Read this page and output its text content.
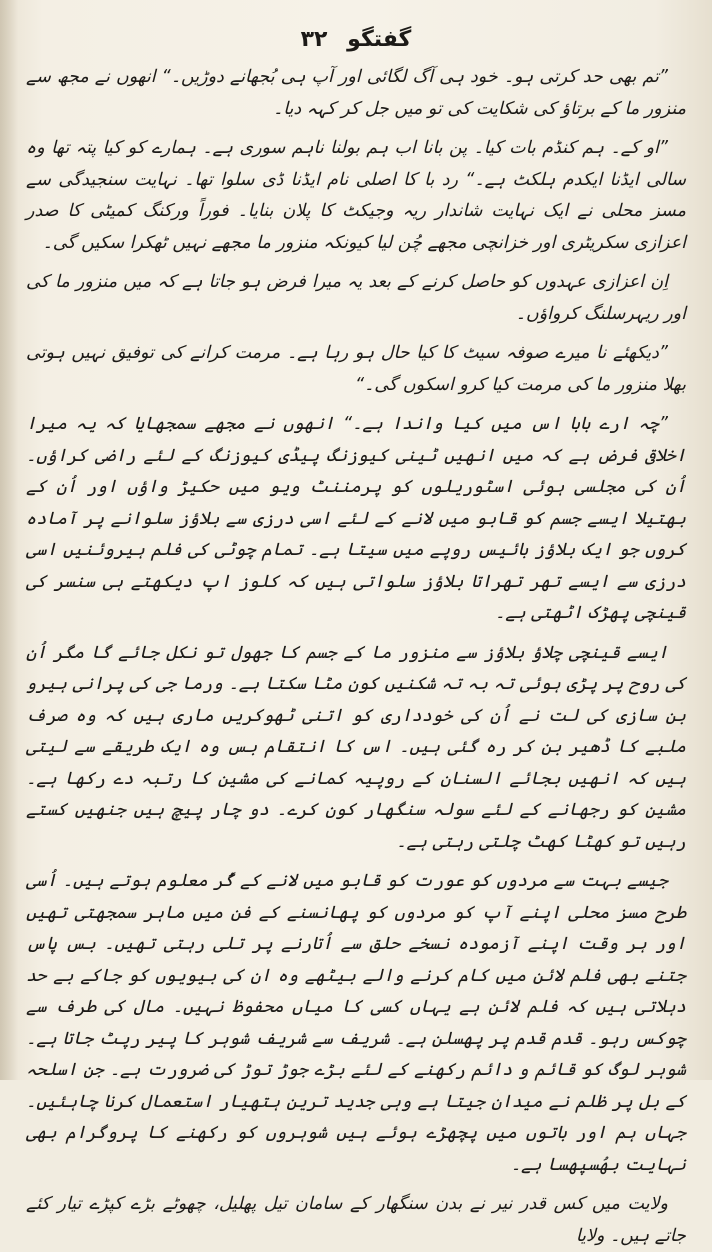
گفتگو ۳۲

”تم بھی حد کرتی ہو۔ خود ہی آگ لگائی اور آپ ہی بُجھانے دوڑیں۔“ انھوں نے مجھ سے منزور ما کے برتاؤ کی شکایت کی تو میں جل کر کہہ دیا۔

”او کے۔ ہم کنڈم بات کیا۔ پن بانا اب ہم بولنا ناہم سوری ہے۔ ہمارے کو کیا پتہ تھا وہ سالی ایڈنا ایکدم ہلکٹ ہے۔“ رد با کا اصلی نام ایڈنا ڈی سلوا تھا۔ نہایت سنجیدگی سے مسز محلی نے ایک نہایت شاندار ریہ وجیکٹ کا پلان بنایا۔ فوراً ورکنگ کمیٹی کا صدر اعزازی سکریٹری اور خزانچی مجھے چُن لیا کیونکہ منزور ما مجھے نہیں ٹھکرا سکیں گی۔

اِن اعزازی عہدوں کو حاصل کرنے کے بعد یہ میرا فرض ہو جاتا ہے کہ میں منزور ما کی اور ریہرسلنگ کرواؤں۔

”دیکھئے نا میرے صوفہ سیٹ کا کیا حال ہو رہا ہے۔ مرمت کرانے کی توفیق نہیں ہوتی بھلا منزور ما کی مرمت کیا کرو اسکوں گی۔“

”چہ ارے بابا اس میں کیا واندا ہے۔“ انھوں نے مجھے سمجھایا کہ یہ میرا اخلاقی فرض ہے کہ میں انھیں ٹینی کیوزنگ پیڈی کیوزنگ کے لئے راضی کراؤں۔ اُن کی مجلسی ہوئی اسٹوریلوں کو پرمننٹ ویو میں حکیڑ واؤں اور اُن کے بھتیلا ایسے جسم کو قابو میں لانے کے لئے اسی درزی سے بلاؤز سلوانے پر آمادہ کروں جو ایک بلاؤز بائیس روپے میں سیتا ہے۔ تمام چوٹی کی فلم ہیروئنیں اسی درزی سے ایسے تھر تھراتا بلاؤز سلواتی ہیں کہ کلوز اپ دیکھتے ہی سنسر کی قینچی پھڑک اٹھتی ہے۔

ایسے قینچی چلاؤ بلاؤز سے منزور ما کے جسم کا جھول تو نکل جائے گا مگر اُن کی روح پر پڑی ہوئی تہ بہ تہ شکنیں کون مٹا سکتا ہے۔ ورما جی کی پرانی ہیرو بن سازی کی لت نے اُن کی خودداری کو اتنی ٹھوکریں ماری ہیں کہ وہ صرف ملبے کا ڈھیر بن کر رہ گئی ہیں۔ اس کا انتقام بس وہ ایک طریقے سے لیتی ہیں کہ انھیں بجائے السنان کے روپیہ کمانے کی مشین کا رتبہ دے رکھا ہے۔ مشین کو رجھانے کے لئے سولہ سنگھار کون کرے۔ دو چار پیچ ہیں جنھیں کستے رہیں تو کھٹا کھٹ چلتی رہتی ہے۔

جیسے بہت سے مردوں کو عورت کو قابو میں لانے کے گُر معلوم ہوتے ہیں۔ اُسی طرح مسز محلی اپنے آپ کو مردوں کو پھانسنے کے فن میں ماہر سمجھتی تھیں اور ہر وقت اپنے آزمودہ نسخے حلق سے اُتارنے پر تلی رہتی تھیں۔ بس پاس جتنے بھی فلم لائن میں کام کرنے والے بیٹھے وہ ان کی بیویوں کو جاکے بے حد دہلاتی ہیں کہ فلم لائن ہے یہاں کسی کا میاں محفوظ نہیں۔ مال کی طرف سے چوکس رہو۔ قدم قدم پر پھسلن ہے۔ شریف سے شریف شوہر کا پیر رپٹ جاتا ہے۔ شوہر لوگ کو قائم و دائم رکھنے کے لئے بڑے جوڑ توڑ کی ضرورت ہے۔ جن اسلحہ کے بل پر ظلم نے میدان جیتا ہے وہی جدید ترین ہتھیار استعمال کرنا چاہئیں۔ جہاں ہم اور باتوں میں پچھڑے ہوئے ہیں شوہروں کو رکھنے کا پروگرام بھی نہایت بھُسپھسا ہے۔

ولایت میں کس قدر نیر نے بدن سنگھار کے سامان تیل پھلیل، چھوٹے بڑے کپڑے تیار کئے جاتے ہیں۔ ولایا
